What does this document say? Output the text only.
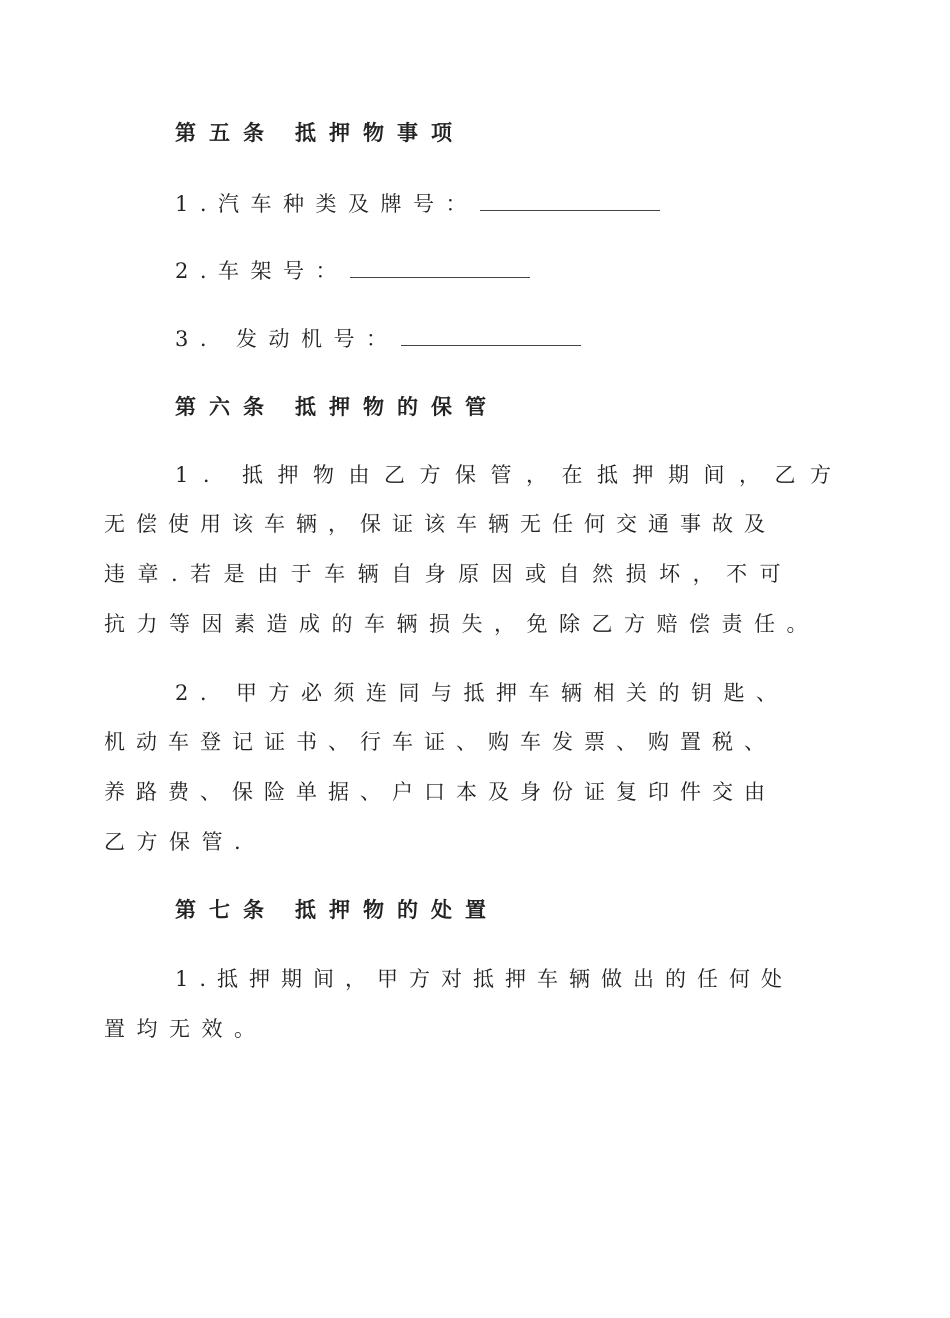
第五条 抵押物事项
1.汽车种类及牌号：
2.车架号：
3. 发动机号：
第六条 抵押物的保管
1. 抵押物由乙方保管，在抵押期间，乙方
无偿使用该车辆，保证该车辆无任何交通事故及
违章.若是由于车辆自身原因或自然损坏，不可
抗力等因素造成的车辆损失，免除乙方赔偿责任。
2. 甲方必须连同与抵押车辆相关的钥匙、
机动车登记证书、行车证、购车发票、购置税、
养路费、保险单据、户口本及身份证复印件交由
乙方保管.
第七条 抵押物的处置
1.抵押期间，甲方对抵押车辆做出的任何处
置均无效。
